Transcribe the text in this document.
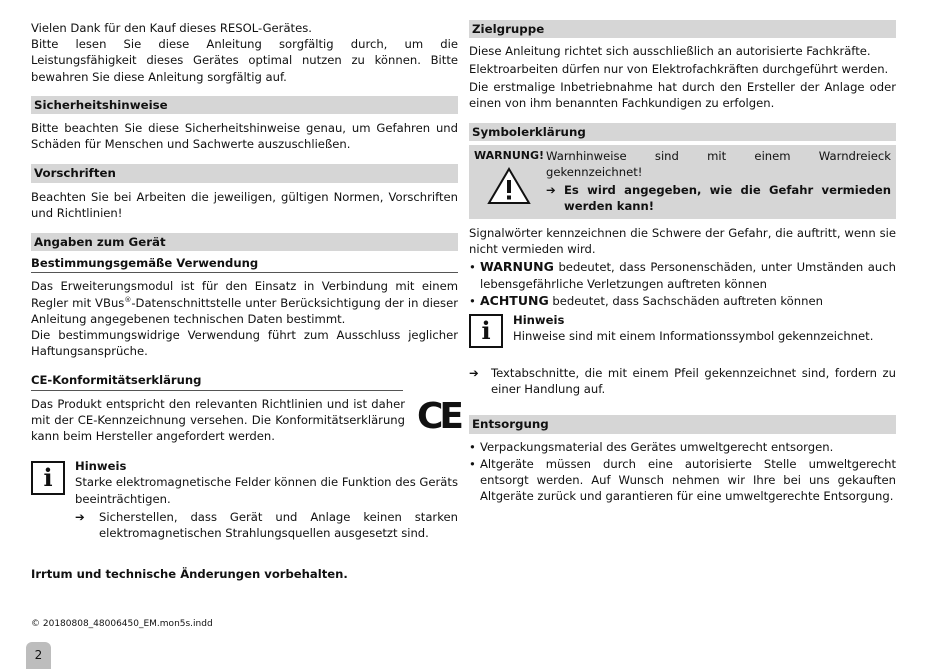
Vielen Dank für den Kauf dieses RESOL-Gerätes.

Bitte lesen Sie diese Anleitung sorgfältig durch, um die Leistungsfähigkeit dieses Gerätes optimal nutzen zu können. Bitte bewahren Sie diese Anleitung sorgfältig auf.

Sicherheitshinweise

Bitte beachten Sie diese Sicherheitshinweise genau, um Gefahren und Schäden für Menschen und Sachwerte auszuschließen.

Vorschriften

Beachten Sie bei Arbeiten die jeweiligen, gültigen Normen, Vorschriften und Richtlinien!

Angaben zum Gerät
Bestimmungsgemäße Verwendung

Das Erweiterungsmodul ist für den Einsatz in Verbindung mit einem Regler mit VBus®-Datenschnittstelle unter Berücksichtigung der in dieser Anleitung angegebenen technischen Daten bestimmt.

Die bestimmungswidrige Verwendung führt zum Ausschluss jeglicher Haftungsansprüche.

CE-Konformitätserklärung

Das Produkt entspricht den relevanten Richtlinien und ist daher mit der CE-Kennzeichnung versehen. Die Konformitätserklärung kann beim Hersteller angefordert werden.

i	Hinweis

Starke elektromagnetische Felder können die Funktion des Geräts beeinträchtigen.

➔	Sicherstellen, dass Gerät und Anlage keinen starken elektromagnetischen Strahlungsquellen ausgesetzt sind.

Irrtum und technische Änderungen vorbehalten.

CE
Zielgruppe

Diese Anleitung richtet sich ausschließlich an autorisierte Fachkräfte.

Elektroarbeiten dürfen nur von Elektrofachkräften durchgeführt werden.

Die erstmalige Inbetriebnahme hat durch den Ersteller der Anlage oder einen von ihm benannten Fachkundigen zu erfolgen.

Symbolerklärung
WARNUNG! Warnhinweise sind mit einem Warndreieck gekennzeichnet!

➔ Es wird angegeben, wie die Gefahr vermieden werden kann!

Signalwörter kennzeichnen die Schwere der Gefahr, die auftritt, wenn sie nicht vermieden wird.

• WARNUNG bedeutet, dass Personenschäden, unter Umständen auch lebensgefährliche Verletzungen auftreten können

• ACHTUNG bedeutet, dass Sachschäden auftreten können

i	Hinweis

Hinweise sind mit einem Informationssymbol gekennzeichnet.

➔	Textabschnitte, die mit einem Pfeil gekennzeichnet sind, fordern zu einer Handlung auf.

Entsorgung
• Verpackungsmaterial des Gerätes umweltgerecht entsorgen.

• Altgeräte müssen durch eine autorisierte Stelle umweltgerecht entsorgt werden. Auf Wunsch nehmen wir Ihre bei uns gekauften Altgeräte zurück und garantieren für eine umweltgerechte Entsorgung.

© 20180808_48006450_EM.mon5s.indd
2
